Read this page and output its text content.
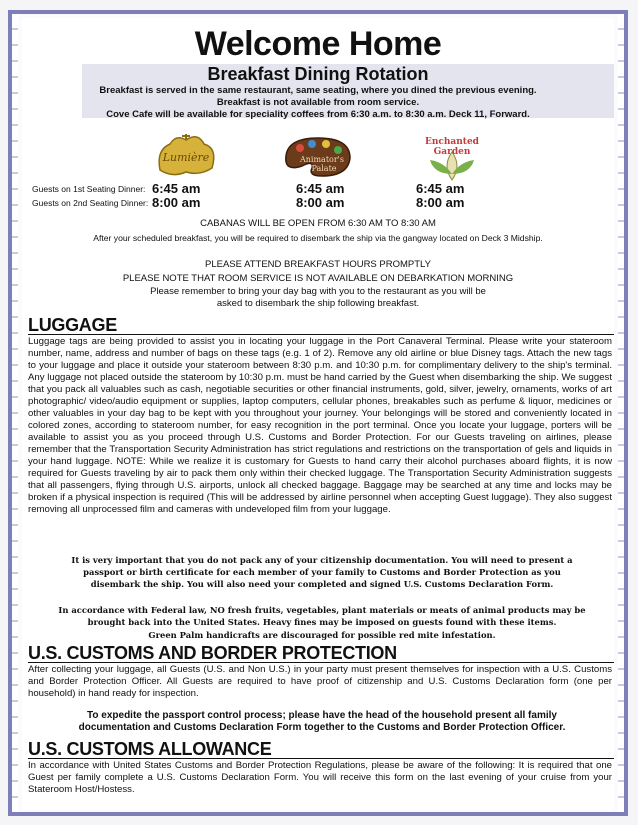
Welcome Home
Breakfast Dining Rotation
Breakfast is served in the same restaurant, same seating, where you dined the previous evening.
Breakfast is not available from room service.
Cove Cafe will be available for speciality coffees from 6:30 a.m. to 8:30 a.m. Deck 11, Forward.
Lumière	Animator's
Palate
Enchanted
Garden
Guests on 1st Seating Dinner:
Guests on 2nd Seating Dinner:
6:45 am
8:00 am
6:45 am
8:00 am
6:45 am
8:00 am
CABANAS WILL BE OPEN FROM 6:30 AM TO 8:30 AM
After your scheduled breakfast, you will be required to disembark the ship via the gangway located on Deck 3 Midship.
PLEASE ATTEND BREAKFAST HOURS PROMPTLY
PLEASE NOTE THAT ROOM SERVICE IS NOT AVAILABLE ON DEBARKATION MORNING
Please remember to bring your day bag with you to the restaurant as you will be
asked to disembark the ship following breakfast.
LUGGAGE
Luggage tags are being provided to assist you in locating your luggage in the Port Canaveral Terminal. Please write your stateroom number, name, address and number of bags on these tags (e.g. 1 of 2). Remove any old airline or blue Disney tags. Attach the new tags to your luggage and place it outside your stateroom between 8:30 p.m. and 10:30 p.m. for complimentary delivery to the ship's terminal. Any luggage not placed outside the stateroom by 10:30 p.m. must be hand carried by the Guest when disembarking the ship. We suggest that you pack all valuables such as cash, negotiable securities or other financial instruments, gold, silver, jewelry, ornaments, works of art photographic/ video/audio equipment or supplies, laptop computers, cellular phones, breakables such as perfume & liquor, medicines or other valuables in your day bag to be kept with you throughout your journey. Your belongings will be stored and conveniently located in colored zones, according to stateroom number, for easy recognition in the port terminal. Once you locate your luggage, porters will be available to assist you as you proceed through U.S. Customs and Border Protection. For our Guests traveling on airlines, please remember that the Transportation Security Administration has strict regulations and restrictions on the transportation of gels and liquids in your hand luggage. NOTE: While we realize it is customary for Guests to hand carry their alcohol purchases aboard flights, it is now required for Guests traveling by air to pack them only within their checked luggage. The Transportation Security Administration suggests that all passengers, flying through U.S. airports, unlock all checked baggage. Baggage may be searched at any time and locks may be broken if a physical inspection is required (This will be addressed by airline personnel when accepting Guest luggage). They also suggest removing all unprocessed film and cameras with undeveloped film from your luggage.
It is very important that you do not pack any of your citizenship documentation. You will need to present a passport or birth certificate for each member of your family to Customs and Border Protection as you disembark the ship. You will also need your completed and signed U.S. Customs Declaration Form.
In accordance with Federal law, NO fresh fruits, vegetables, plant materials or meats of animal products may be brought back into the United States. Heavy fines may be imposed on guests found with these items.
Green Palm handicrafts are discouraged for possible red mite infestation.
U.S. CUSTOMS AND BORDER PROTECTION
After collecting your luggage, all Guests (U.S. and Non U.S.) in your party must present themselves for inspection with a U.S. Customs and Border Protection Officer. All Guests are required to have proof of citizenship and U.S. Customs Declaration form (one per household) in hand ready for inspection.
To expedite the passport control process; please have the head of the household present all family documentation and Customs Declaration Form together to the Customs and Border Protection Officer.
U.S. CUSTOMS ALLOWANCE
In accordance with United States Customs and Border Protection Regulations, please be aware of the following: It is required that one Guest per family complete a U.S. Customs Declaration Form. You will receive this form on the last evening of your cruise from your Stateroom Host/Hostess.
